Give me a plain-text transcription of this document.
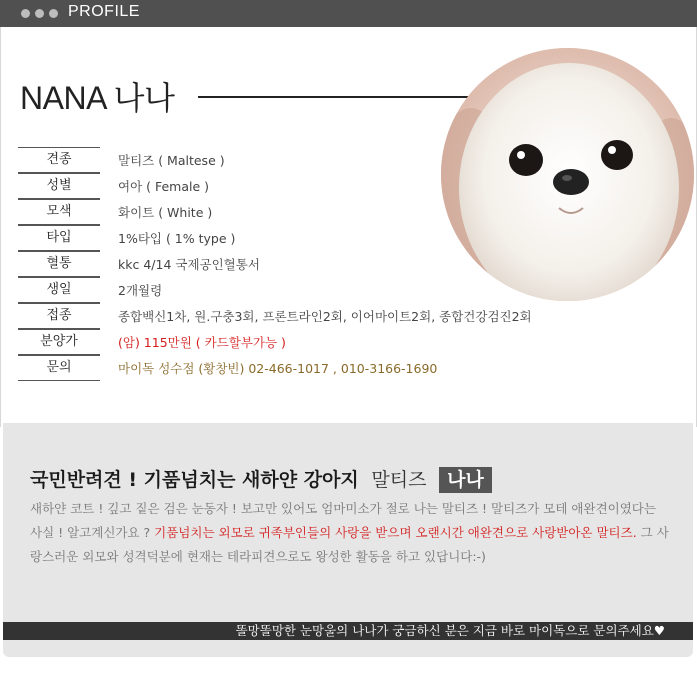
PROFILE
NANA 나나
견종	말티즈 ( Maltese )
성별	여아 ( Female )
모색	화이트 ( White )
타입	1%타입 ( 1% type )
혈통	kkc 4/14 국제공인혈통서
생일	2개월령
접종	종합백신1차, 원.구충3회, 프론트라인2회, 이어마이트2회, 종합건강검진2회
분양가	(암) 115만원 ( 카드할부가능 )
문의	마이독 성수점 (황창빈) 02-466-1017 , 010-3166-1690
국민반려견 ! 기품넘치는 새하얀 강아지 말티즈 나나
새하얀 코트 ! 깊고 짙은 검은 눈동자 ! 보고만 있어도 엄마미소가 절로 나는 말티즈 ! 말티즈가 모테 애완견이였다는 사실 ! 알고계신가요 ? 기품넘치는 외모로 귀족부인들의 사랑을 받으며 오랜시간 애완견으로 사랑받아온 말티즈. 그 사랑스러운 외모와 성격덕분에 현재는 테라피견으로도 왕성한 활동을 하고 있답니다:-)
똘망똘망한 눈망울의 나나가 궁금하신 분은 지금 바로 마이독으로 문의주세요♥
